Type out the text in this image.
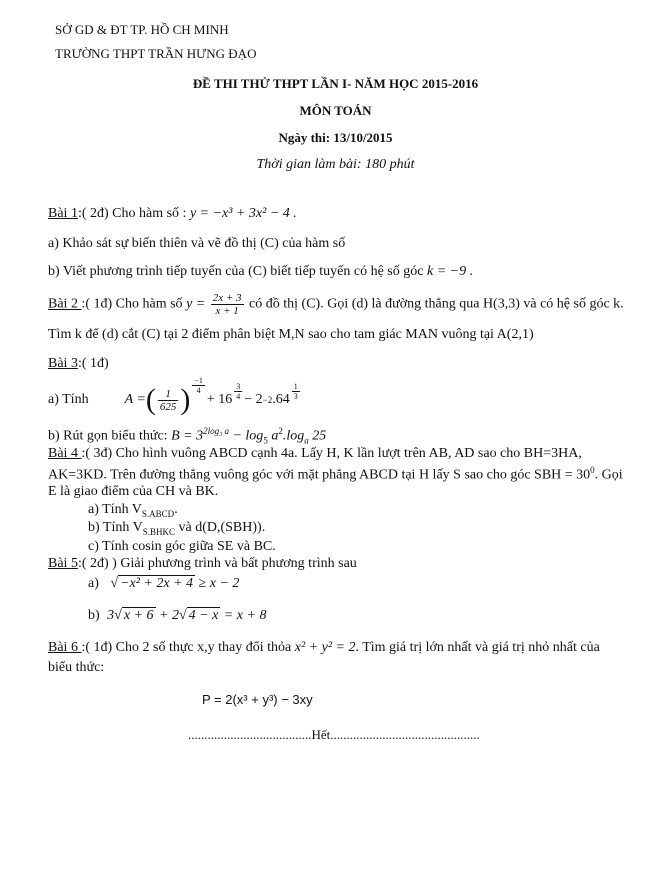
SỞ GD & ĐT TP. HỒ CH MINH
TRƯỜNG THPT TRẦN HƯNG ĐẠO
ĐỀ THI THỬ THPT LẦN I- NĂM HỌC 2015-2016
MÔN TOÁN
Ngày thi: 13/10/2015
Thời gian làm bài: 180 phút
Bài 1:( 2đ) Cho hàm số : y = −x³ + 3x² − 4 .
a) Khảo sát sự biến thiên và vẽ đồ thị (C) của hàm số
b) Viết phương trình tiếp tuyến của (C) biết tiếp tuyến có hệ số góc k = −9 .
Bài 2 :( 1đ) Cho hàm số $y = \frac{2x + 3}{x + 1}$ có đồ thị (C). Gọi (d) là đường thẳng qua H(3,3) và có hệ số góc k.
Tìm k để (d) cắt (C) tại 2 điểm phân biệt M,N sao cho tam giác MAN vuông tại A(2,1)
Bài 3:( 1đ)
a) Tính	A = ( $\frac{1}{625}$ ) $\frac{-1}{4}$
+ $16 \frac{3}{4} - 2 -2$ $.64 \frac{1}{3}$
b) Rút gọn biểu thức: $B = 3^{2log_3 a} - \log_5 a^2.\log_a$ 25
Bài 4 :( 3đ) Cho hình vuông ABCD cạnh 4a. Lấy H, K lần lượt trên AB, AD sao cho BH=3HA,
AK=3KD. Trên đường thẳng vuông góc với mặt phẳng ABCD tại H lấy S sao cho góc SBH = $30^0$. Gọi
E là giao điểm của CH và BK.
a) Tính $V_{S.ABCD}$.
b) Tính $V_{S.BHKC}$ và d(D,(SBH)).
c) Tính cosin góc giữa SE và BC.
Bài 5:( 2đ) ) Giải phương trình và bất phương trình sau
a) √ −x² + 2x + 4 ≥ x − 2
b) 3√ x + 6 + 2√ 4 − x = x + 8
Bài 6 :( 1đ) Cho 2 số thực x,y thay đổi thỏa x² + y² = 2. Tìm giá trị lớn nhất và giá trị nhỏ nhất của
biểu thức:
P = 2(x³ + y³) − 3xy
......................................Hết..............................................
